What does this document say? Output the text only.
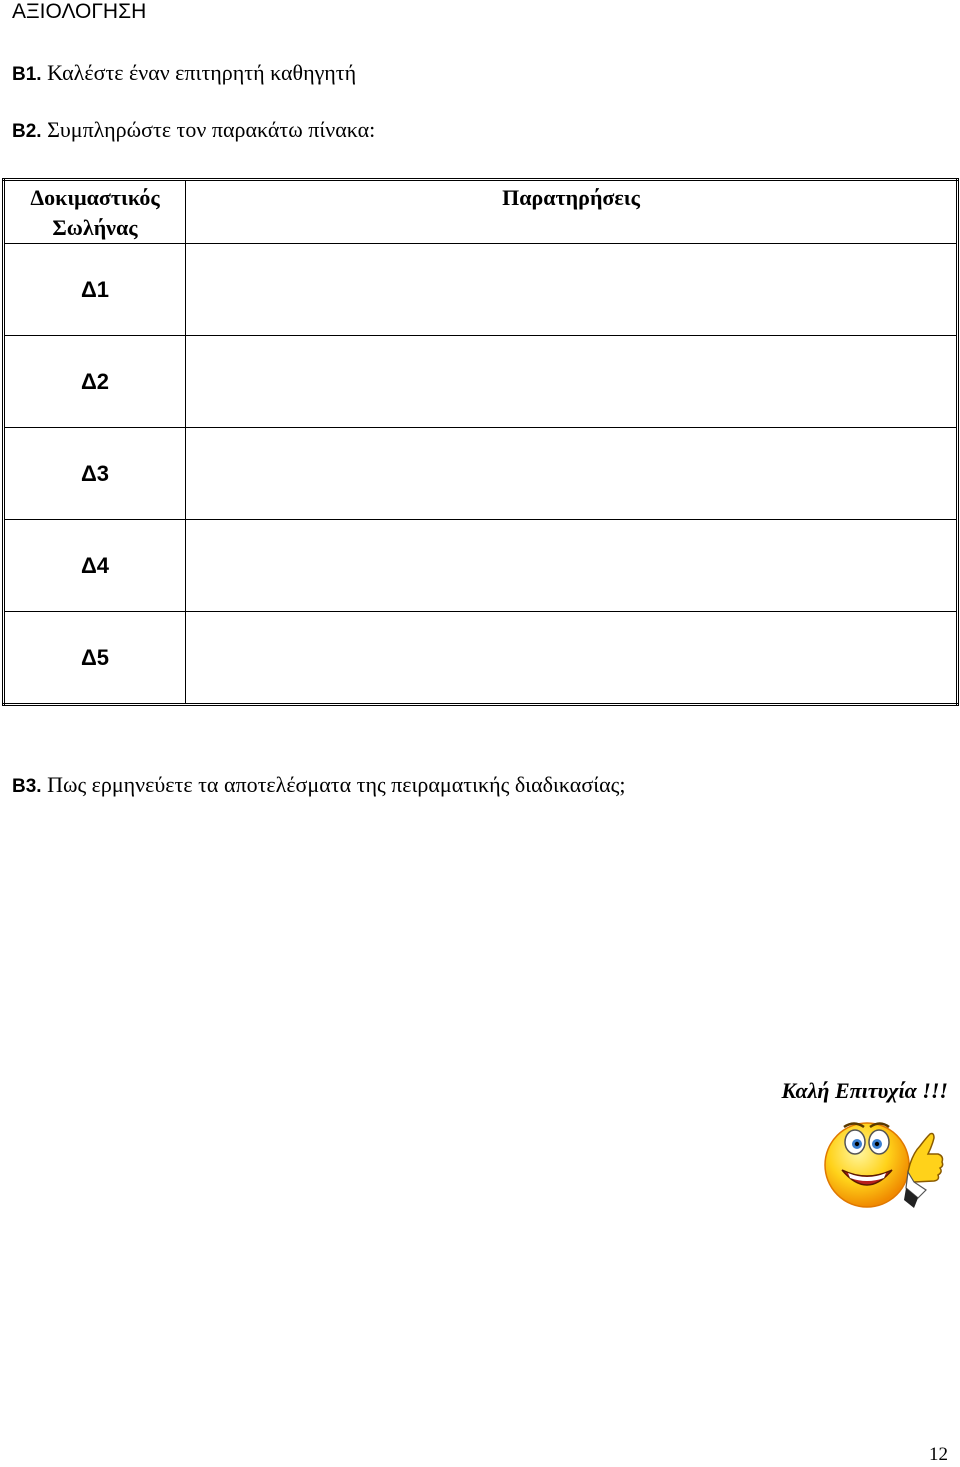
ΑΞΙΟΛΟΓΗΣΗ
Β1. Καλέστε έναν επιτηρητή καθηγητή
Β2. Συμπληρώστε τον παρακάτω πίνακα:
Δοκιμαστικός Σωλήνας	Παρατηρήσεις
Δ1	
Δ2	
Δ3	
Δ4	
Δ5	
Β3. Πως ερμηνεύετε τα αποτελέσματα της πειραματικής διαδικασίας;
Καλή Επιτυχία !!!
12
